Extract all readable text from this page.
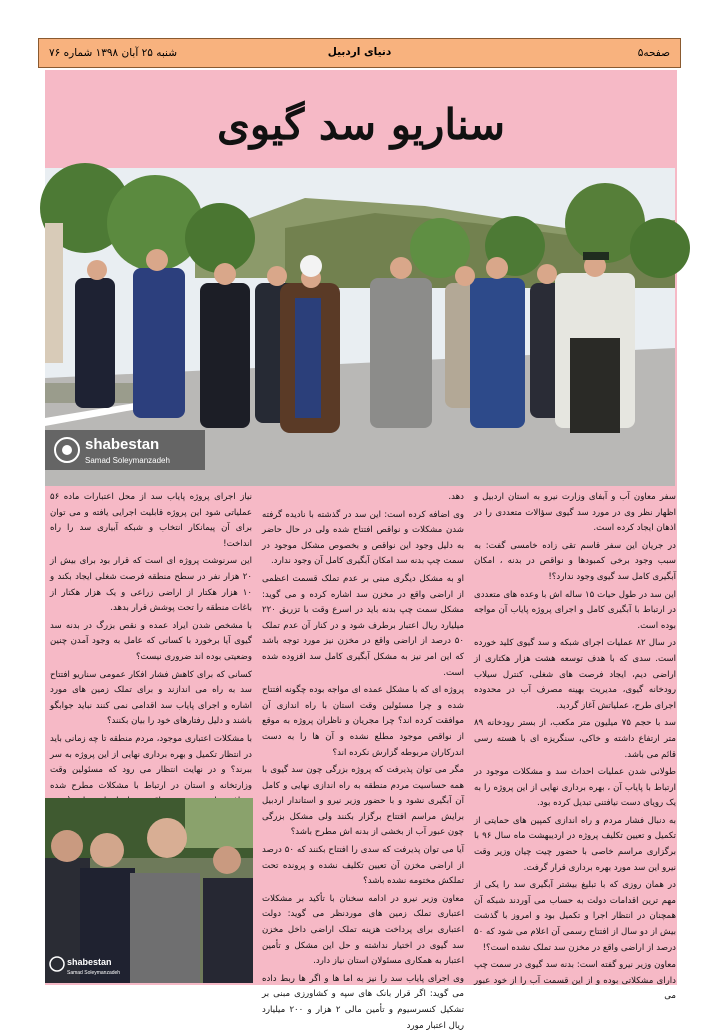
صفحه۵
دنیای اردبیل
شنبه ۲۵ آبان ۱۳۹۸ شماره ۷۶
سناریو سد گیوی
shabestan
Samad Soleymanzadeh

سفر معاون آب و آبفای وزارت نیرو به استان اردبیل و اظهار نظر وی در مورد سد گیوی سؤالات متعددی را در اذهان ایجاد کرده است.

در جریان این سفر قاسم تقی زاده خامسی گفت: به سبب وجود برخی کمبودها و نواقص در بدنه ، امکان آبگیری کامل سد گیوی وجود ندارد؟!

این سد در طول حیات ۱۵ ساله اش با وعده های متعددی در ارتباط با آبگیری کامل و اجرای پروژه پایاب آن مواجه بوده است.

در سال ۸۲ عملیات اجرای شبکه و سد گیوی کلید خورده است. سدی که با هدف توسعه هشت هزار هکتاری از اراضی دیم، ایجاد فرصت های شغلی، کنترل سیلاب رودخانه گیوی، مدیریت بهینه مصرف آب در محدوده اجرای طرح، عملیاتش آغاز گردید.

سد با حجم ۷۵ میلیون متر مکعب، از بستر رودخانه ۸۹ متر ارتفاع داشته و خاکی، سنگریزه ای با هسته رسی قائم می باشد.

طولانی شدن عملیات احداث سد و مشکلات موجود در ارتباط با پایاب آن ، بهره برداری نهایی از این پروژه را به یک رویای دست نیافتنی تبدیل کرده بود.

به دنبال فشار مردم و راه اندازی کمپین های حمایتی از تکمیل و تعیین تکلیف پروژه در اردیبهشت ماه سال ۹۶ با برگزاری مراسم خاصی با حضور چیت چیان وزیر وقت نیرو این سد مورد بهره برداری قرار گرفت.

در همان روزی که با تبلیغ بیشتر آبگیری سد را یکی از مهم ترین اقدامات دولت به حساب می آوردند شبکه آن همچنان در انتظار اجرا و تکمیل بود و امروز با گذشت بیش از دو سال از افتتاح رسمی آن اعلام می شود که ۵۰ درصد از اراضی واقع در مخزن سد تملک نشده است؟!

معاون وزیر نیرو گفته است: بدنه سد گیوی در سمت چپ دارای مشکلاتی بوده و از این قسمت آب را از خود عبور می

دهد.

وی اضافه کرده است: این سد در گذشته با نادیده گرفته شدن مشکلات و نواقص افتتاح شده ولی در حال حاضر به دلیل وجود این نواقص و بخصوص مشکل موجود در سمت چپ بدنه سد امکان آبگیری کامل آن وجود ندارد.

او به مشکل دیگری مبنی بر عدم تملک قسمت اعظمی از اراضی واقع در مخزن سد اشاره کرده و می گوید: مشکل سمت چپ بدنه باید در اسرع وقت با تزریق ۲۲۰ میلیارد ریال اعتبار برطرف شود و در کنار آن عدم تملک ۵۰ درصد از اراضی واقع در مخزن نیز مورد توجه باشد که این امر نیز به مشکل آبگیری کامل سد افزوده شده است.

پروژه ای که با مشکل عمده ای مواجه بوده چگونه افتتاح شده و چرا مسئولین وقت استان با راه اندازی آن موافقت کرده اند؟ چرا مجریان و ناظران پروژه به موقع از نواقص موجود مطلع نشده و آن ها را به دست اندرکاران مربوطه گزارش نکرده اند؟

مگر می توان پذیرفت که پروژه بزرگی چون سد گیوی با همه حساسیت مردم منطقه به راه اندازی نهایی و کامل آن آبگیری نشود و با حضور وزیر نیرو و استاندار اردبیل برایش مراسم افتتاح برگزار بکنند ولی مشکل بزرگی چون عبور آب از بخشی از بدنه اش مطرح باشد؟

آیا می توان پذیرفت که سدی را افتتاح بکنند که ۵۰ درصد از اراضی مخزن آن تعیین تکلیف نشده و پرونده تحت تملکش مختومه نشده باشد؟

معاون وزیر نیرو در ادامه سخنان با تأکید بر مشکلات اعتباری تملک زمین های موردنظر می گوید: دولت اعتباری برای پرداخت هزینه تملک اراضی داخل مخزن سد گیوی در اختیار نداشته و حل این مشکل و تأمین اعتبار به همکاری مسئولان استان نیاز دارد.

وی اجرای پایاب سد را نیز به اما ها و اگر ها ربط داده می گوید: اگر قرار بانک های سپه و کشاورزی مبنی بر تشکیل کنسرسیوم و تأمین مالی ۲ هزار و ۲۰۰ میلیارد ریال اعتبار مورد

نیاز اجرای پروژه پایاب سد از محل اعتبارات ماده ۵۶ عملیاتی شود این پروژه قابلیت اجرایی یافته و می توان برای آن پیمانکار انتخاب و شبکه آبیاری سد را راه انداخت!

این سرنوشت پروژه ای است که قرار بود برای بیش از ۲۰ هزار نفر در سطح منطقه فرصت شغلی ایجاد بکند و ۱۰ هزار هکتار از اراضی زراعی و یک هزار هکتار از باغات منطقه را تحت پوشش قرار بدهد.

با مشخص شدن ایراد عمده و نقص بزرگ در بدنه سد گیوی آیا برخورد با کسانی که عامل به وجود آمدن چنین وضعیتی بوده اند ضروری نیست؟

کسانی که برای کاهش فشار افکار عمومی سناریو افتتاح سد به راه می اندازند و برای تملک زمین های مورد اشاره و اجرای پایاب سد اقدامی نمی کنند نباید جوابگو باشند و دلیل رفتارهای خود را بیان بکنند؟

با مشکلات اعتباری موجود، مردم منطقه تا چه زمانی باید در انتظار تکمیل و بهره برداری نهایی از این پروژه به سر ببرند؟ و در نهایت انتظار می رود که مسئولین وقت وزارتخانه و استان در ارتباط با مشکلات مطرح شده

shabestan
Samad Soleymanzadeh
